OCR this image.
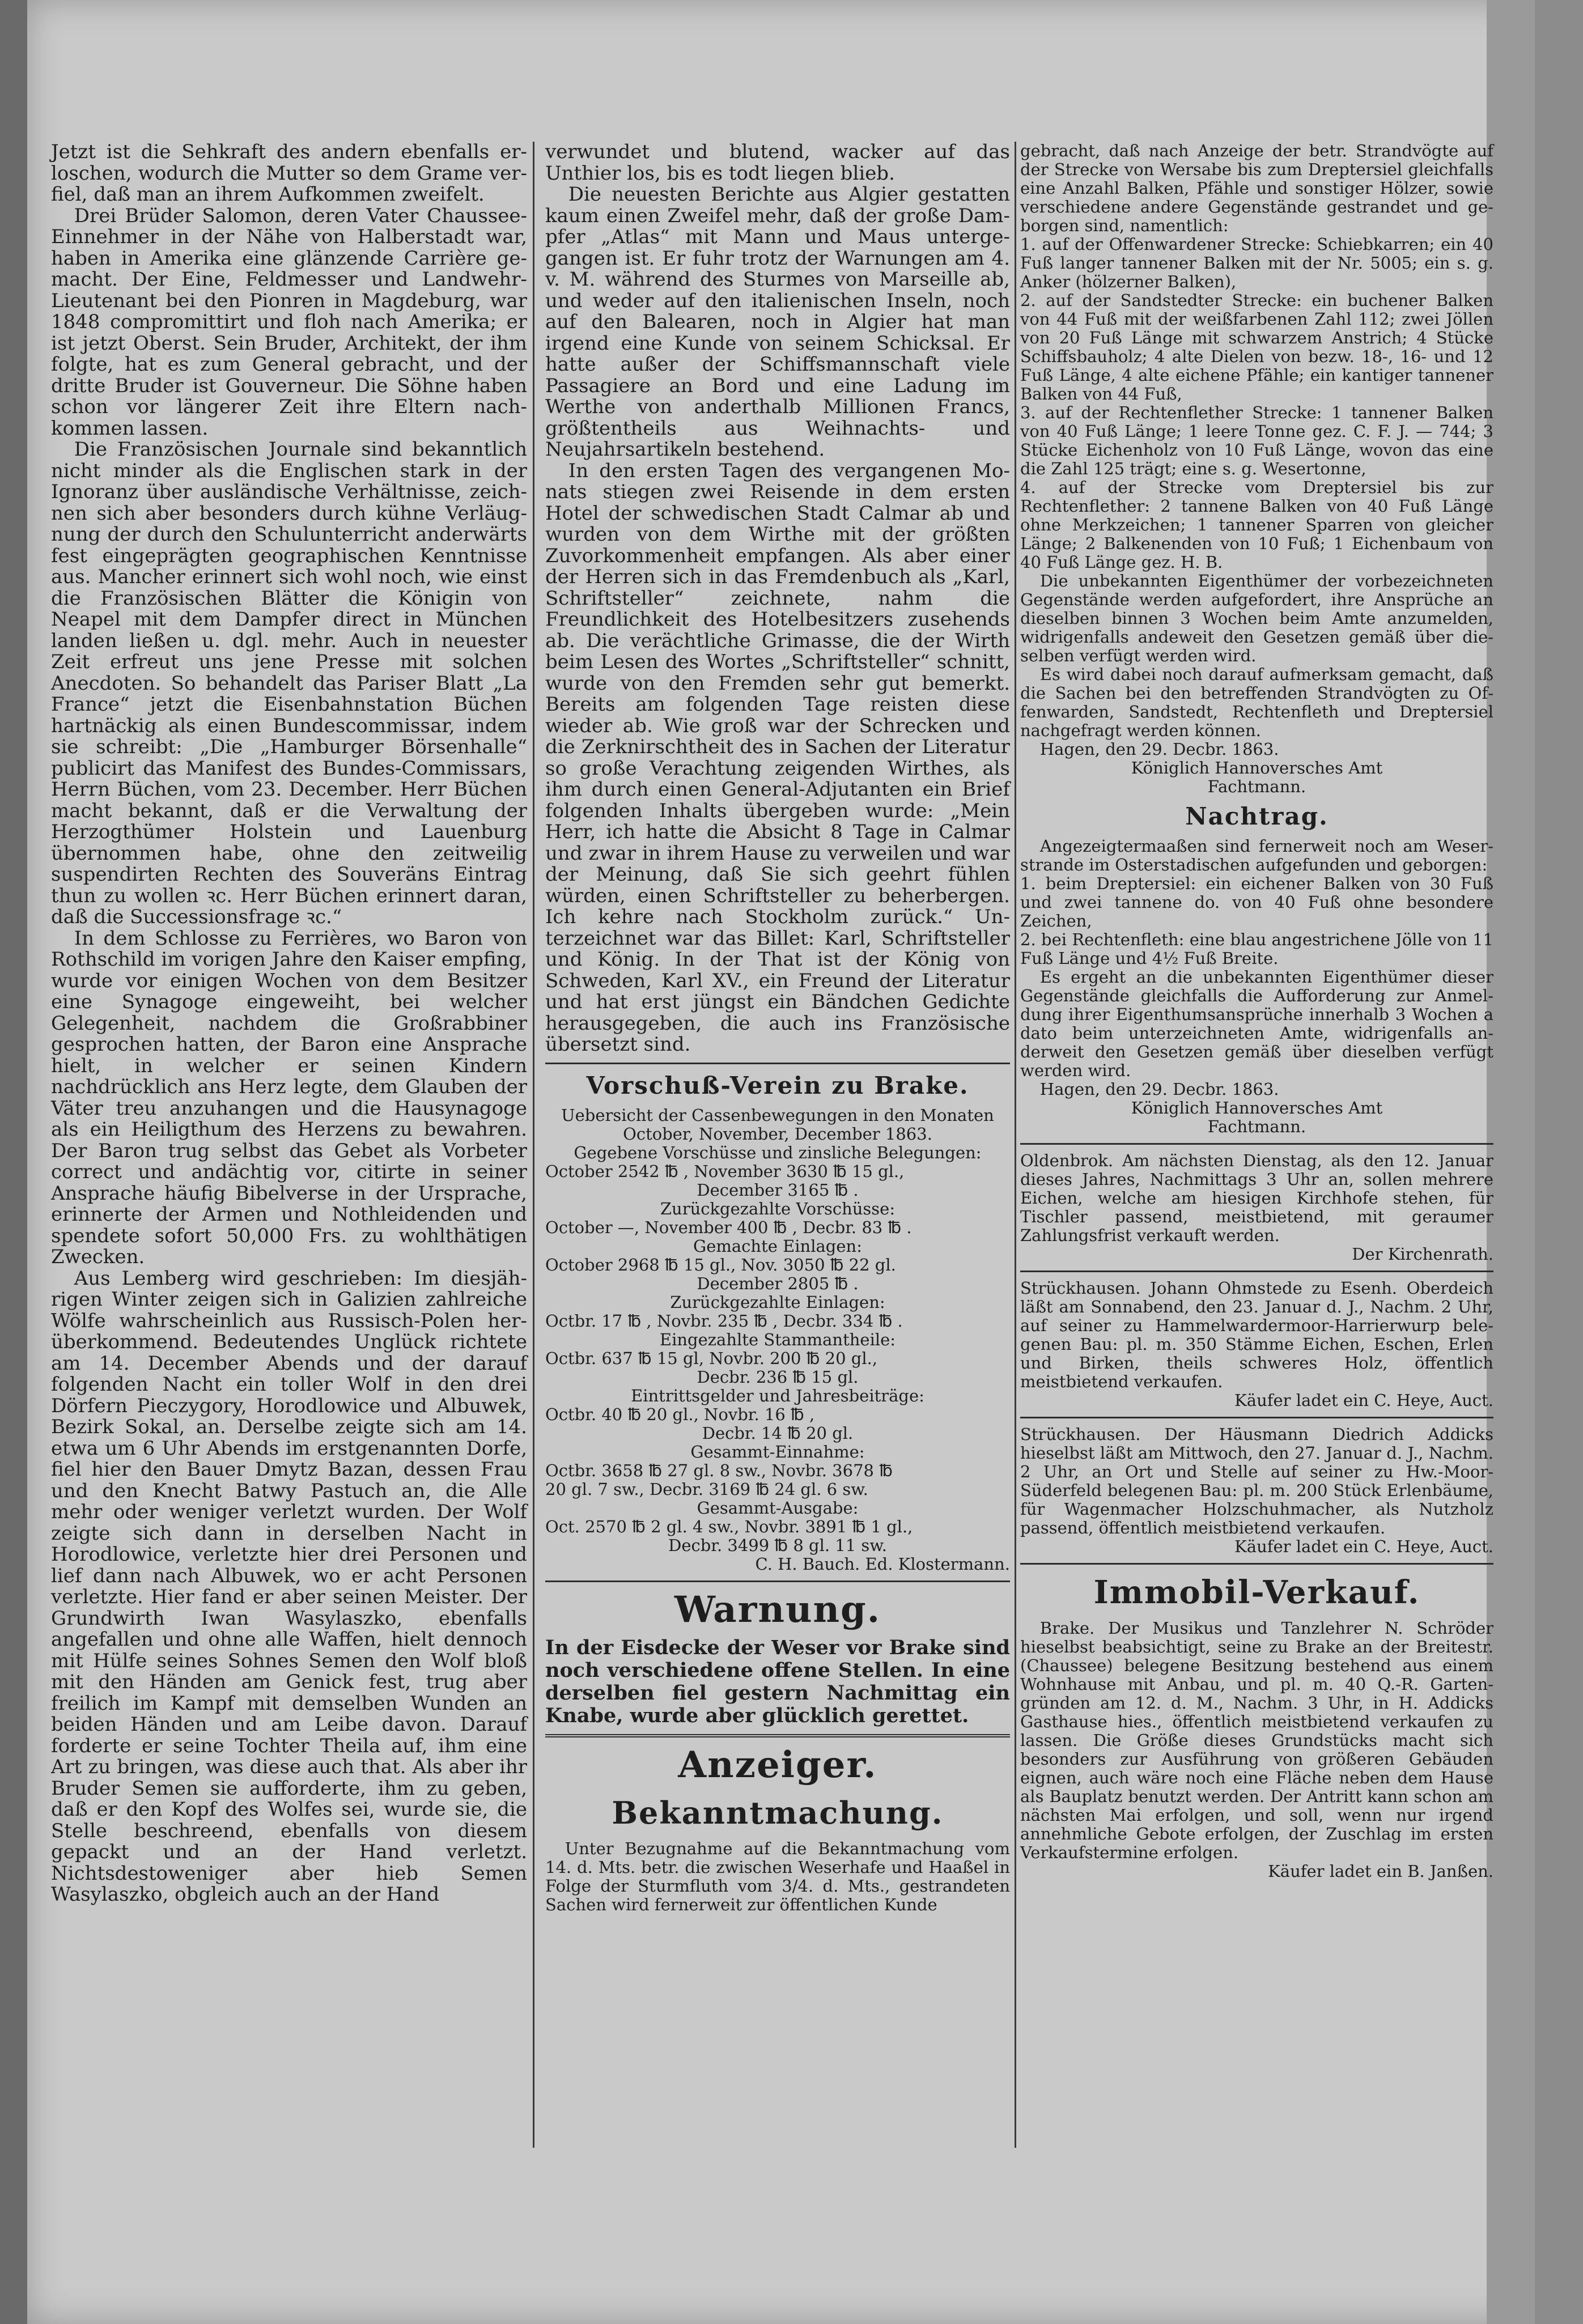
Jetzt ist die Sehkraft des andern ebenfalls erloschen, wodurch die Mutter so dem Grame verfiel, daß man an ihrem Aufkommen zweifelt.

Drei Brüder Salomon, deren Vater Chaussee-Einnehmer in der Nähe von Halberstadt war, haben in Amerika eine glänzende Carrière gemacht. Der Eine, Feldmesser und Landwehr-Lieutenant bei den Pionren in Magdeburg, war 1848 compromittirt und floh nach Amerika; er ist jetzt Oberst. Sein Bruder, Architekt, der ihm folgte, hat es zum General gebracht, und der dritte Bruder ist Gouverneur. Die Söhne haben schon vor längerer Zeit ihre Eltern nachkommen lassen.

Die Französischen Journale sind bekanntlich nicht minder als die Englischen stark in der Ignoranz über ausländische Verhältnisse, zeichnen sich aber besonders durch kühne Verläugnung der durch den Schulunterricht anderwärts fest eingeprägten geographischen Kenntnisse aus. Mancher erinnert sich wohl noch, wie einst die Französischen Blätter die Königin von Neapel mit dem Dampfer direct in München landen ließen u. dgl. mehr. Auch in neuester Zeit erfreut uns jene Presse mit solchen Anecdoten. So behandelt das Pariser Blatt „La France“ jetzt die Eisenbahnstation Büchen hartnäckig als einen Bundescommissar, indem sie schreibt: „Die „Hamburger Börsenhalle“ publicirt das Manifest des Bundes-Commissars, Herrn Büchen, vom 23. December. Herr Büchen macht bekannt, daß er die Verwaltung der Herzogthümer Holstein und Lauenburg übernommen habe, ohne den zeitweilig suspendirten Rechten des Souveräns Eintrag thun zu wollen ꝛc. Herr Büchen erinnert daran, daß die Successionsfrage ꝛc.“

In dem Schlosse zu Ferrières, wo Baron von Rothschild im vorigen Jahre den Kaiser empfing, wurde vor einigen Wochen von dem Besitzer eine Synagoge eingeweiht, bei welcher Gelegenheit, nachdem die Großrabbiner gesprochen hatten, der Baron eine Ansprache hielt, in welcher er seinen Kindern nachdrücklich ans Herz legte, dem Glauben der Väter treu anzuhangen und die Hausynagoge als ein Heiligthum des Herzens zu bewahren. Der Baron trug selbst das Gebet als Vorbeter correct und andächtig vor, citirte in seiner Ansprache häufig Bibelverse in der Ursprache, erinnerte der Armen und Nothleidenden und spendete sofort 50,000 Frs. zu wohlthätigen Zwecken.

Aus Lemberg wird geschrieben: Im diesjährigen Winter zeigen sich in Galizien zahlreiche Wölfe wahrscheinlich aus Russisch-Polen herüberkommend. Bedeutendes Unglück richtete am 14. December Abends und der darauf folgenden Nacht ein toller Wolf in den drei Dörfern Pieczygory, Horodlowice und Albuwek, Bezirk Sokal, an. Derselbe zeigte sich am 14. etwa um 6 Uhr Abends im erstgenannten Dorfe, fiel hier den Bauer Dmytz Bazan, dessen Frau und den Knecht Batwy Pastuch an, die Alle mehr oder weniger verletzt wurden. Der Wolf zeigte sich dann in derselben Nacht in Horodlowice, verletzte hier drei Personen und lief dann nach Albuwek, wo er acht Personen verletzte. Hier fand er aber seinen Meister. Der Grundwirth Iwan Wasylaszko, ebenfalls angefallen und ohne alle Waffen, hielt dennoch mit Hülfe seines Sohnes Semen den Wolf bloß mit den Händen am Genick fest, trug aber freilich im Kampf mit demselben Wunden an beiden Händen und am Leibe davon. Darauf forderte er seine Tochter Theila auf, ihm eine Art zu bringen, was diese auch that. Als aber ihr Bruder Semen sie aufforderte, ihm zu geben, daß er den Kopf des Wolfes sei, wurde sie, die Stelle beschreend, ebenfalls von diesem gepackt und an der Hand verletzt. Nichtsdestoweniger aber hieb Semen Wasylaszko, obgleich auch an der Hand

verwundet und blutend, wacker auf das Unthier los, bis es todt liegen blieb.

Die neuesten Berichte aus Algier gestatten kaum einen Zweifel mehr, daß der große Dampfer „Atlas“ mit Mann und Maus untergegangen ist. Er fuhr trotz der Warnungen am 4. v. M. während des Sturmes von Marseille ab, und weder auf den italienischen Inseln, noch auf den Balearen, noch in Algier hat man irgend eine Kunde von seinem Schicksal. Er hatte außer der Schiffsmannschaft viele Passagiere an Bord und eine Ladung im Werthe von anderthalb Millionen Francs, größtentheils aus Weihnachts- und Neujahrsartikeln bestehend.

In den ersten Tagen des vergangenen Monats stiegen zwei Reisende in dem ersten Hotel der schwedischen Stadt Calmar ab und wurden von dem Wirthe mit der größten Zuvorkommenheit empfangen. Als aber einer der Herren sich in das Fremdenbuch als „Karl, Schriftsteller“ zeichnete, nahm die Freundlichkeit des Hotelbesitzers zusehends ab. Die verächtliche Grimasse, die der Wirth beim Lesen des Wortes „Schriftsteller“ schnitt, wurde von den Fremden sehr gut bemerkt. Bereits am folgenden Tage reisten diese wieder ab. Wie groß war der Schrecken und die Zerknirschtheit des in Sachen der Literatur so große Verachtung zeigenden Wirthes, als ihm durch einen General-Adjutanten ein Brief folgenden Inhalts übergeben wurde: „Mein Herr, ich hatte die Absicht 8 Tage in Calmar und zwar in ihrem Hause zu verweilen und war der Meinung, daß Sie sich geehrt fühlen würden, einen Schriftsteller zu beherbergen. Ich kehre nach Stockholm zurück.“ Unterzeichnet war das Billet: Karl, Schriftsteller und König. In der That ist der König von Schweden, Karl XV., ein Freund der Literatur und hat erst jüngst ein Bändchen Gedichte herausgegeben, die auch ins Französische übersetzt sind.

Vorschuß-Verein zu Brake.

Uebersicht der Cassenbewegungen in den Monaten October, November, December 1863.

Gegebene Vorschüsse und zinsliche Belegungen:

October 2542 ℔ , November 3630 ℔ 15 gl.,

December 3165 ℔ .

Zurückgezahlte Vorschüsse:

October —, November 400 ℔ , Decbr. 83 ℔ .

Gemachte Einlagen:

October 2968 ℔ 15 gl., Nov. 3050 ℔ 22 gl.

December 2805 ℔ .

Zurückgezahlte Einlagen:

Octbr. 17 ℔ , Novbr. 235 ℔ , Decbr. 334 ℔ .

Eingezahlte Stammantheile:

Octbr. 637 ℔ 15 gl, Novbr. 200 ℔ 20 gl.,

Decbr. 236 ℔ 15 gl.

Eintrittsgelder und Jahresbeiträge:

Octbr. 40 ℔ 20 gl., Novbr. 16 ℔ ,

Decbr. 14 ℔ 20 gl.

Gesammt-Einnahme:

Octbr. 3658 ℔ 27 gl. 8 sw., Novbr. 3678 ℔

20 gl. 7 sw., Decbr. 3169 ℔ 24 gl. 6 sw.

Gesammt-Ausgabe:

Oct. 2570 ℔ 2 gl. 4 sw., Novbr. 3891 ℔ 1 gl.,

Decbr. 3499 ℔ 8 gl. 11 sw.

C. H. Bauch. Ed. Klostermann.

Warnung.

In der Eisdecke der Weser vor Brake sind noch verschiedene offene Stellen. In eine derselben fiel gestern Nachmittag ein Knabe, wurde aber glücklich gerettet.

Anzeiger.
Bekanntmachung.

Unter Bezugnahme auf die Bekanntmachung vom 14. d. Mts. betr. die zwischen Weserhafe und Haaßel in Folge der Sturmfluth vom 3/4. d. Mts., gestrandeten Sachen wird fernerweit zur öffentlichen Kunde

gebracht, daß nach Anzeige der betr. Strandvögte auf der Strecke von Wersabe bis zum Dreptersiel gleichfalls eine Anzahl Balken, Pfähle und sonstiger Hölzer, sowie verschiedene andere Gegenstände gestrandet und geborgen sind, namentlich:

1. auf der Offenwardener Strecke: Schiebkarren; ein 40 Fuß langer tannener Balken mit der Nr. 5005; ein s. g. Anker (hölzerner Balken),
2. auf der Sandstedter Strecke: ein buchener Balken von 44 Fuß mit der weißfarbenen Zahl 112; zwei Jöllen von 20 Fuß Länge mit schwarzem Anstrich; 4 Stücke Schiffsbauholz; 4 alte Dielen von bezw. 18-, 16- und 12 Fuß Länge, 4 alte eichene Pfähle; ein kantiger tannener Balken von 44 Fuß,
3. auf der Rechtenflether Strecke: 1 tannener Balken von 40 Fuß Länge; 1 leere Tonne gez. C. F. J. — 744; 3 Stücke Eichenholz von 10 Fuß Länge, wovon das eine die Zahl 125 trägt; eine s. g. Wesertonne,
4. auf der Strecke vom Dreptersiel bis zur Rechtenflether: 2 tannene Balken von 40 Fuß Länge ohne Merkzeichen; 1 tannener Sparren von gleicher Länge; 2 Balkenenden von 10 Fuß; 1 Eichenbaum von 40 Fuß Länge gez. H. B.

Die unbekannten Eigenthümer der vorbezeichneten Gegenstände werden aufgefordert, ihre Ansprüche an dieselben binnen 3 Wochen beim Amte anzumelden, widrigenfalls andeweit den Gesetzen gemäß über dieselben verfügt werden wird.

Es wird dabei noch darauf aufmerksam gemacht, daß die Sachen bei den betreffenden Strandvögten zu Offenwarden, Sandstedt, Rechtenfleth und Dreptersiel nachgefragt werden können.

Hagen, den 29. Decbr. 1863.

Königlich Hannoversches Amt

Fachtmann.

Nachtrag.

Angezeigtermaaßen sind fernerweit noch am Weserstrande im Osterstadischen aufgefunden und geborgen:

1. beim Dreptersiel: ein eichener Balken von 30 Fuß und zwei tannene do. von 40 Fuß ohne besondere Zeichen,
2. bei Rechtenfleth: eine blau angestrichene Jölle von 11 Fuß Länge und 4½ Fuß Breite.

Es ergeht an die unbekannten Eigenthümer dieser Gegenstände gleichfalls die Aufforderung zur Anmeldung ihrer Eigenthumsansprüche innerhalb 3 Wochen a dato beim unterzeichneten Amte, widrigenfalls anderweit den Gesetzen gemäß über dieselben verfügt werden wird.

Hagen, den 29. Decbr. 1863.

Königlich Hannoversches Amt

Fachtmann.

Oldenbrok. Am nächsten Dienstag, als den 12. Januar dieses Jahres, Nachmittags 3 Uhr an, sollen mehrere Eichen, welche am hiesigen Kirchhofe stehen, für Tischler passend, meistbietend, mit geraumer Zahlungsfrist verkauft werden.

Der Kirchenrath.

Strückhausen. Johann Ohmstede zu Esenh. Oberdeich läßt am Sonnabend, den 23. Januar d. J., Nachm. 2 Uhr, auf seiner zu Hammelwardermoor-Harrierwurp belegenen Bau: pl. m. 350 Stämme Eichen, Eschen, Erlen und Birken, theils schweres Holz, öffentlich meistbietend verkaufen.

Käufer ladet ein C. Heye, Auct.

Strückhausen. Der Häusmann Diedrich Addicks hieselbst läßt am Mittwoch, den 27. Januar d. J., Nachm. 2 Uhr, an Ort und Stelle auf seiner zu Hw.-Moor-Süderfeld belegenen Bau: pl. m. 200 Stück Erlenbäume, für Wagenmacher Holzschuhmacher, als Nutzholz passend, öffentlich meistbietend verkaufen.

Käufer ladet ein C. Heye, Auct.

Immobil-Verkauf.

Brake. Der Musikus und Tanzlehrer N. Schröder hieselbst beabsichtigt, seine zu Brake an der Breitestr. (Chaussee) belegene Besitzung bestehend aus einem Wohnhause mit Anbau, und pl. m. 40 Q.-R. Gartengründen am 12. d. M., Nachm. 3 Uhr, in H. Addicks Gasthause hies., öffentlich meistbietend verkaufen zu lassen. Die Größe dieses Grundstücks macht sich besonders zur Ausführung von größeren Gebäuden eignen, auch wäre noch eine Fläche neben dem Hause als Bauplatz benutzt werden. Der Antritt kann schon am nächsten Mai erfolgen, und soll, wenn nur irgend annehmliche Gebote erfolgen, der Zuschlag im ersten Verkaufstermine erfolgen.

Käufer ladet ein B. Janßen.
